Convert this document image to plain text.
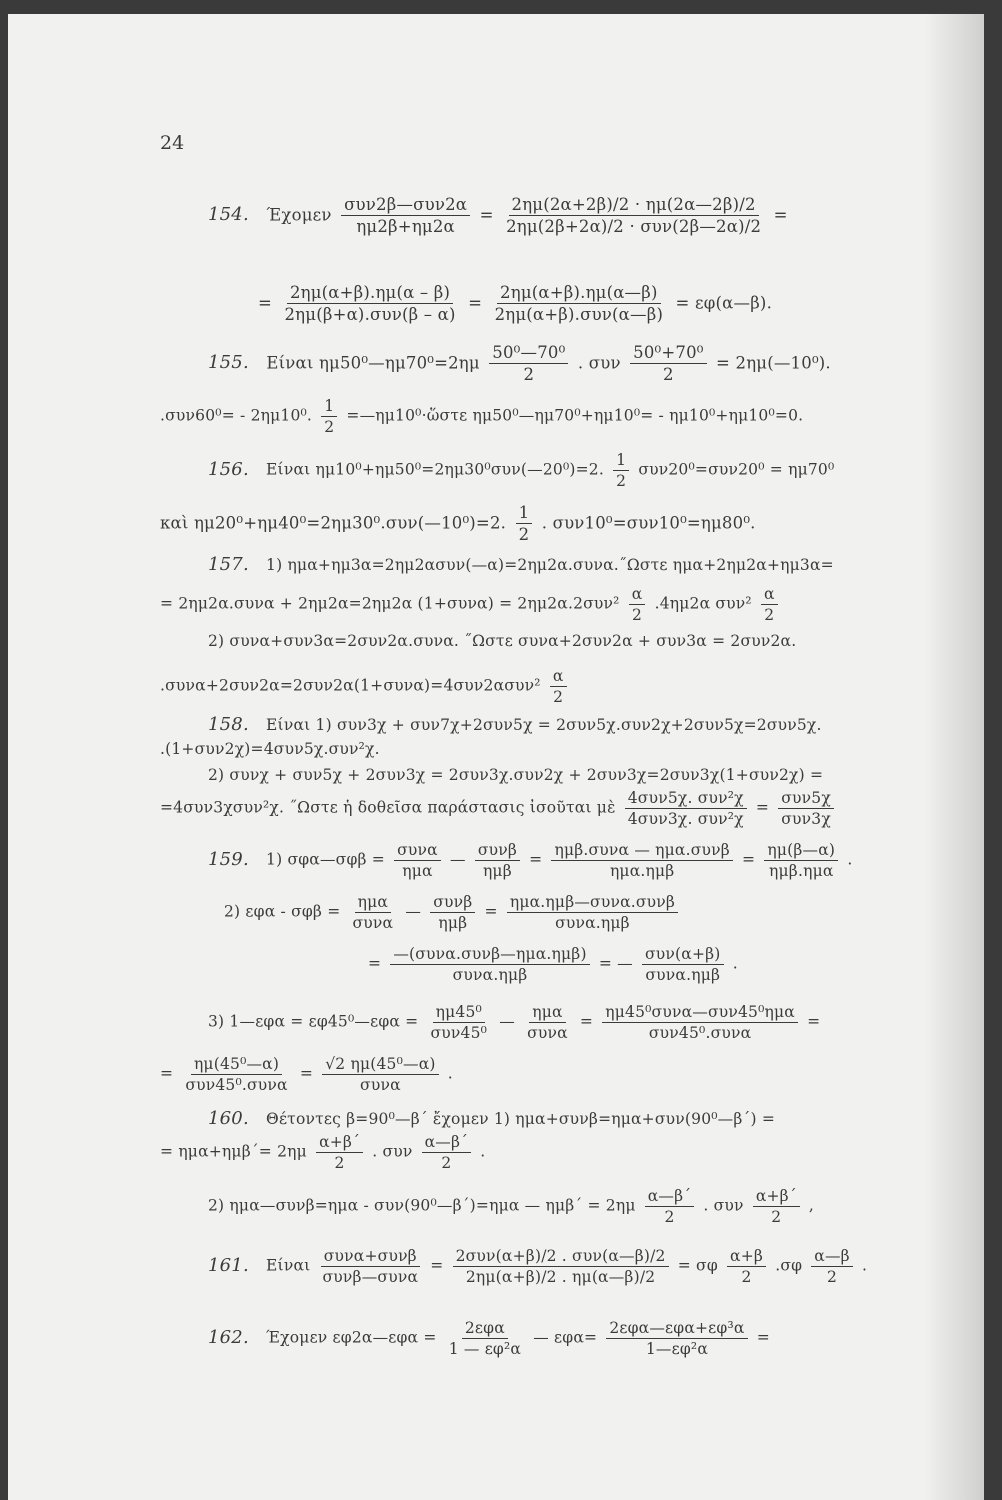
24
154. Έχομεν $\frac{\text{συν2β—συν2α}}{\eta\mu 2\beta+\eta\mu 2\alpha} = \frac{2\eta\mu(2\alpha+2\beta)/2 \cdot \eta\mu(2\alpha—2\beta)/2}{\text{2ημ(2β+2α)/2 · συν(2β—2α)/2}}$ =
= $\frac{2\eta\mu(\alpha+\beta).\eta\mu(\alpha - \beta)}{\text{2ημ(β+α).συν(β – α)}} = \frac{2\eta\mu(\alpha+\beta).\eta\mu(\alpha—\beta)}{\text{2ημ(α+β).συν(α—β)}}$ = εφ(α—β).
155. Είναι ημ50⁰—ημ70⁰=2ημ $\frac{\text{50⁰—70⁰}}{2}$ . συν $\frac{\text{50⁰+70⁰}}{2}$ = 2ημ(—10⁰).
.συν60⁰= - 2ημ10⁰. $\frac{1}{2}$ =—ημ10⁰·ὥστε ημ50⁰—ημ70⁰+ημ10⁰= - ημ10⁰+ημ10⁰=0.
156. Είναι ημ10⁰+ημ50⁰=2ημ30⁰συν(—20⁰)=2. $\frac{1}{2} \sigma\upsilon\nu 20^0=\sigma\upsilon\nu 20^0 = \eta\mu 70^0$
καὶ ημ20⁰+ημ40⁰=2ημ30⁰.συν(—10⁰)=2. $\frac{1}{2}$ . συν10⁰=συν10⁰=ημ80⁰.
157. 1) ημα+ημ3α=2ημ2ασυν(—α)=2ημ2α.συνα.˝Ωστε ημα+2ημ2α+ημ3α=
= 2ημ2α.συνα + 2ημ2α=2ημ2α $(1+\sigma\upsilon\nu\alpha) = 2\eta\mu 2\alpha.2\sigma\upsilon\nu^2 \frac{\alpha}{2} .4\eta\mu 2\alpha$ $\sigma\upsilon\nu^2 \frac{\alpha}{2}$
2) συνα+συν3α=2συν2α.συνα. ˝Ωστε συνα+2συν2α + συν3α = 2συν2α.
$.\sigma\upsilon\nu\alpha+2\sigma\upsilon\nu 2\alpha=2\sigma\upsilon\nu 2\alpha(1+\sigma\upsilon\nu\alpha)=4\sigma\upsilon\nu 2\alpha\sigma\upsilon\nu^2 \frac{\alpha}{2}$
158. Είναι 1) συν3χ + συν7χ+2συν5χ = 2συν5χ.συν2χ+2συν5χ=2συν5χ.
.(1+συν2χ)=4συν5χ.συν²χ.
2) συνχ + συν5χ + 2συν3χ = 2συν3χ.συν2χ + 2συν3χ=2συν3χ(1+συν2χ) =
=4συν3χσυν²χ. ˝Ωστε ἡ δοθεῖσα παράστασις ἰσοῦται μὲ $\frac{\text{4συν5χ. συν²χ}}{\text{4συν3χ. συν²χ}} = \frac{\text{συν5χ}}{\text{συν3χ}}$
159. 1) σφα—σφβ = $\frac{\text{συνα}}{\text{ημα}}$ — $\frac{\text{συνβ}}{\text{ημβ}} = \frac{\text{ημβ.συνα — ημα.συνβ}}{\text{ημα.ημβ}} = \frac{\eta\mu(\beta—\alpha)}{\text{ημβ.ημα}}$ .
2) $\varepsilon\varphi\alpha - \sigma\varphi\beta = \frac{\text{ημα}}{\text{συνα}}$ — $\frac{\text{συνβ}}{\text{ημβ}} = \frac{\text{ημα.ημβ—συνα.συνβ}}{\text{συνα.ημβ}}$
= $\frac{\text{—(συνα.συνβ—ημα.ημβ)}}{\text{συνα.ημβ}}$ = — $\frac{\text{συν(α+β)}}{\text{συνα.ημβ}}$ .
3) 1—εφα = εφ45⁰—εφα = $\frac{\text{ημ45⁰}}{\text{συν45⁰}}$ — $\frac{\text{ημα}}{\text{συνα}} = \frac{\text{ημ45⁰συνα—συν45⁰ημα}}{\text{συν45⁰.συνα}}$ =
= $\frac{\text{ημ(45⁰—α)}}{\text{συν45⁰.συνα}} = \frac{\text{√2 ημ(45⁰—α)}}{\text{συνα}}$ .
160. Θέτοντες β=90⁰—β΄ ἔχομεν 1) ημα+συνβ=ημα+συν(90⁰—β΄) =
= $\eta\mu\alpha+\eta\mu\beta΄= 2\eta\mu \frac{\alpha+\beta΄}{2}$ . συν $\frac{\alpha—\beta΄}{2}$ .
2) ημα—συνβ=ημα - συν(90⁰—β΄)=ημα — $\eta\mu\beta΄ = 2\eta\mu \frac{\alpha—\beta΄}{2}$ . συν $\frac{\alpha+\beta΄}{2}$ ,
161. Είναι $\frac{\text{συνα+συνβ}}{\text{συνβ—συνα}} = \frac{\text{2συν(α+β)/2 . συν(α—β)/2}}{2\eta\mu(\alpha+\beta)/2 . \eta\mu(\alpha—\beta)/2} = \sigma\varphi \frac{\alpha+\beta}{2} .\sigma\varphi \frac{\alpha—\beta}{2}$ .
162. Έχομεν εφ2α—εφα = $\frac{\text{2εφα}}{\text{1 — εφ²α}}$ — $\varepsilon\varphi\alpha= \frac{\text{2εφα—εφα+εφ³α}}{\text{1—εφ²α}}$ =
